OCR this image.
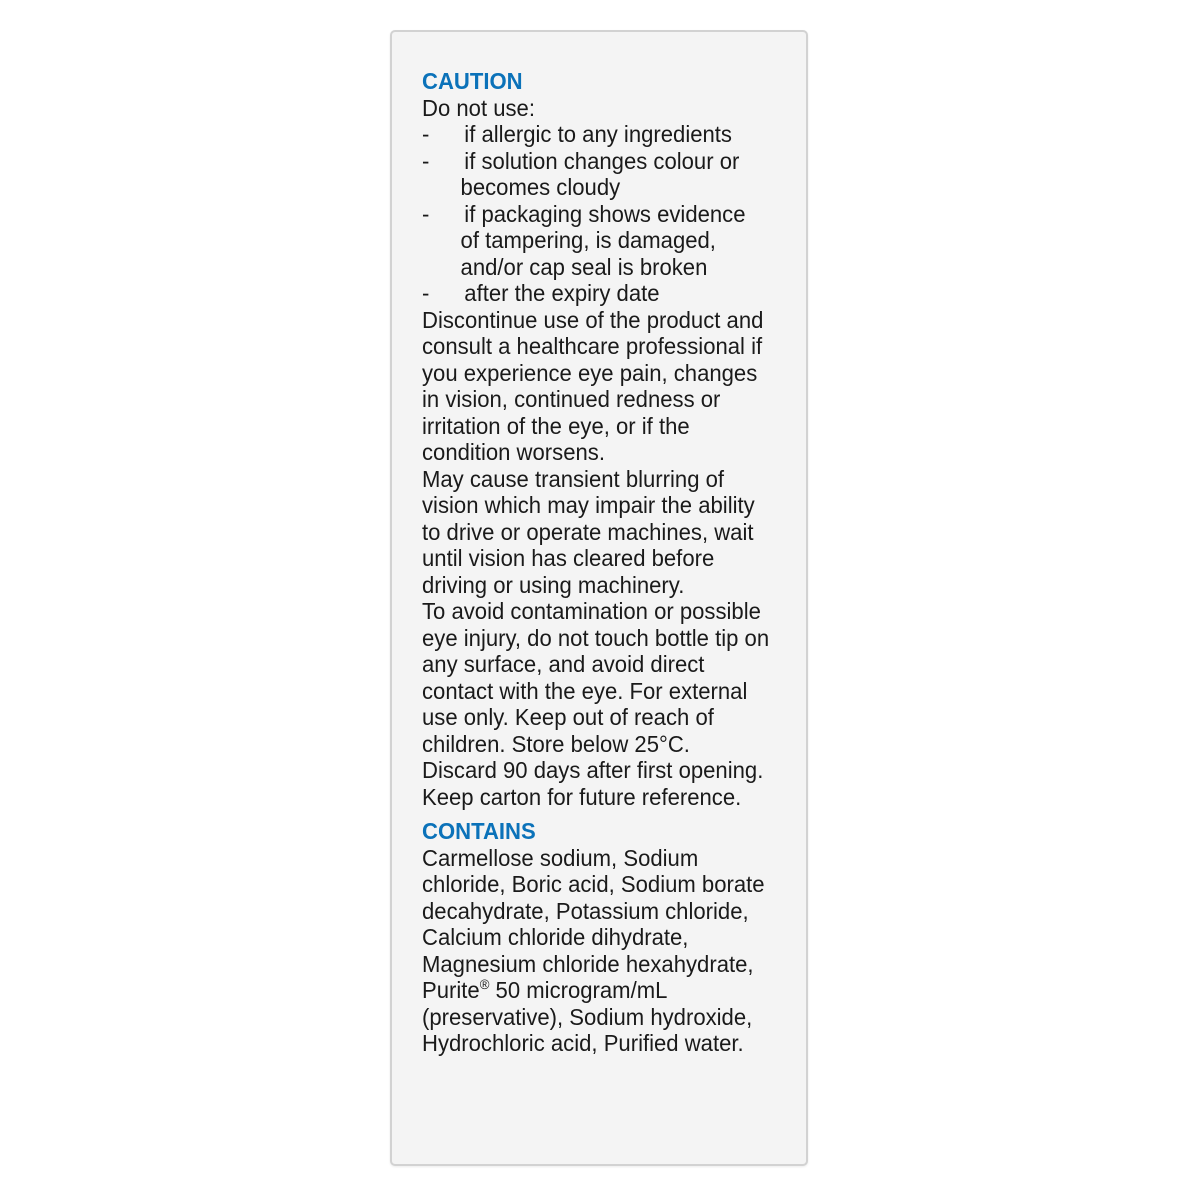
CAUTION

Do not use:

- if allergic to any ingredients
- if solution changes colour or becomes cloudy
- if packaging shows evidence of tampering, is damaged, and/or cap seal is broken
- after the expiry date

Discontinue use of the product and consult a healthcare professional if you experience eye pain, changes in vision, continued redness or irritation of the eye, or if the condition worsens.

May cause transient blurring of vision which may impair the ability to drive or operate machines, wait until vision has cleared before driving or using machinery.

To avoid contamination or possible eye injury, do not touch bottle tip on any surface, and avoid direct contact with the eye. For external use only. Keep out of reach of children. Store below 25°C. Discard 90 days after first opening. Keep carton for future reference.

CONTAINS

Carmellose sodium, Sodium chloride, Boric acid, Sodium borate decahydrate, Potassium chloride, Calcium chloride dihydrate, Magnesium chloride hexahydrate, Purite® 50 microgram/mL (preservative), Sodium hydroxide, Hydrochloric acid, Purified water.
